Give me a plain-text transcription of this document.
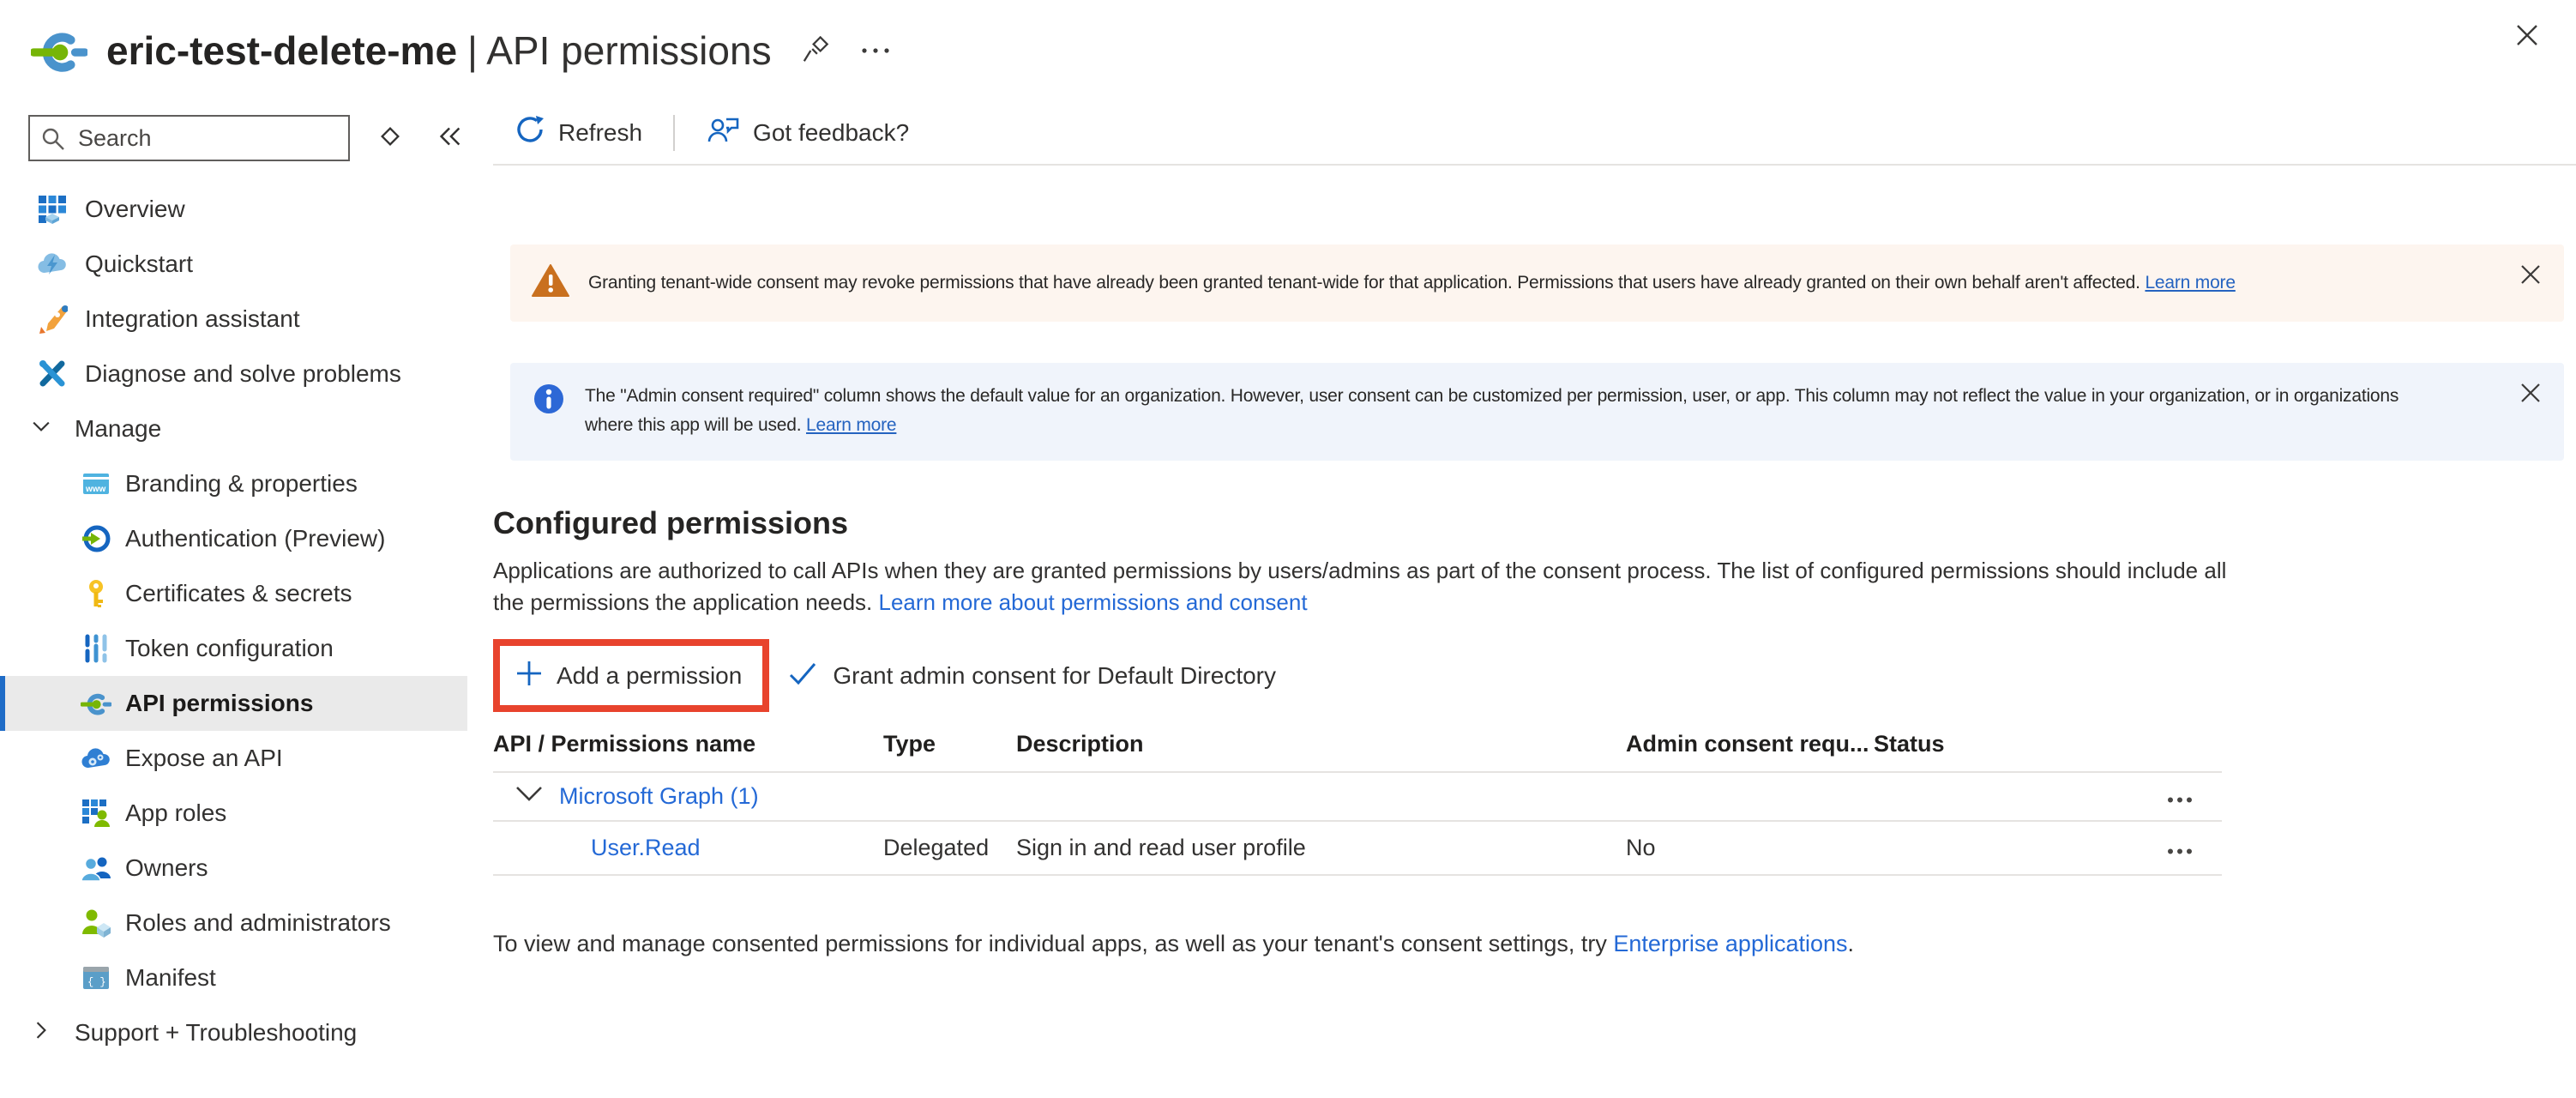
eric-test-delete-me | API permissions
Search
Overview
Quickstart
Integration assistant
Diagnose and solve problems
Manage
www Branding & properties
Authentication (Preview)
Certificates & secrets
Token configuration
API permissions
Expose an API
App roles
Owners
Roles and administrators
{ } Manifest
Support + Troubleshooting
Refresh	Got feedback?
Granting tenant-wide consent may revoke permissions that have already been granted tenant-wide for that application. Permissions that users have already granted on their own behalf aren't affected. Learn more
The "Admin consent required" column shows the default value for an organization. However, user consent can be customized per permission, user, or app. This column may not reflect the value in your organization, or in organizations where this app will be used. Learn more
Configured permissions
Applications are authorized to call APIs when they are granted permissions by users/admins as part of the consent process. The list of configured permissions should include all the permissions the application needs. Learn more about permissions and consent
Add a permission	Grant admin consent for Default Directory
API / Permissions name	Type	Description	Admin consent requ... Status
Microsoft Graph (1)
User.Read	Delegated	Sign in and read user profile	No
To view and manage consented permissions for individual apps, as well as your tenant's consent settings, try Enterprise applications.
